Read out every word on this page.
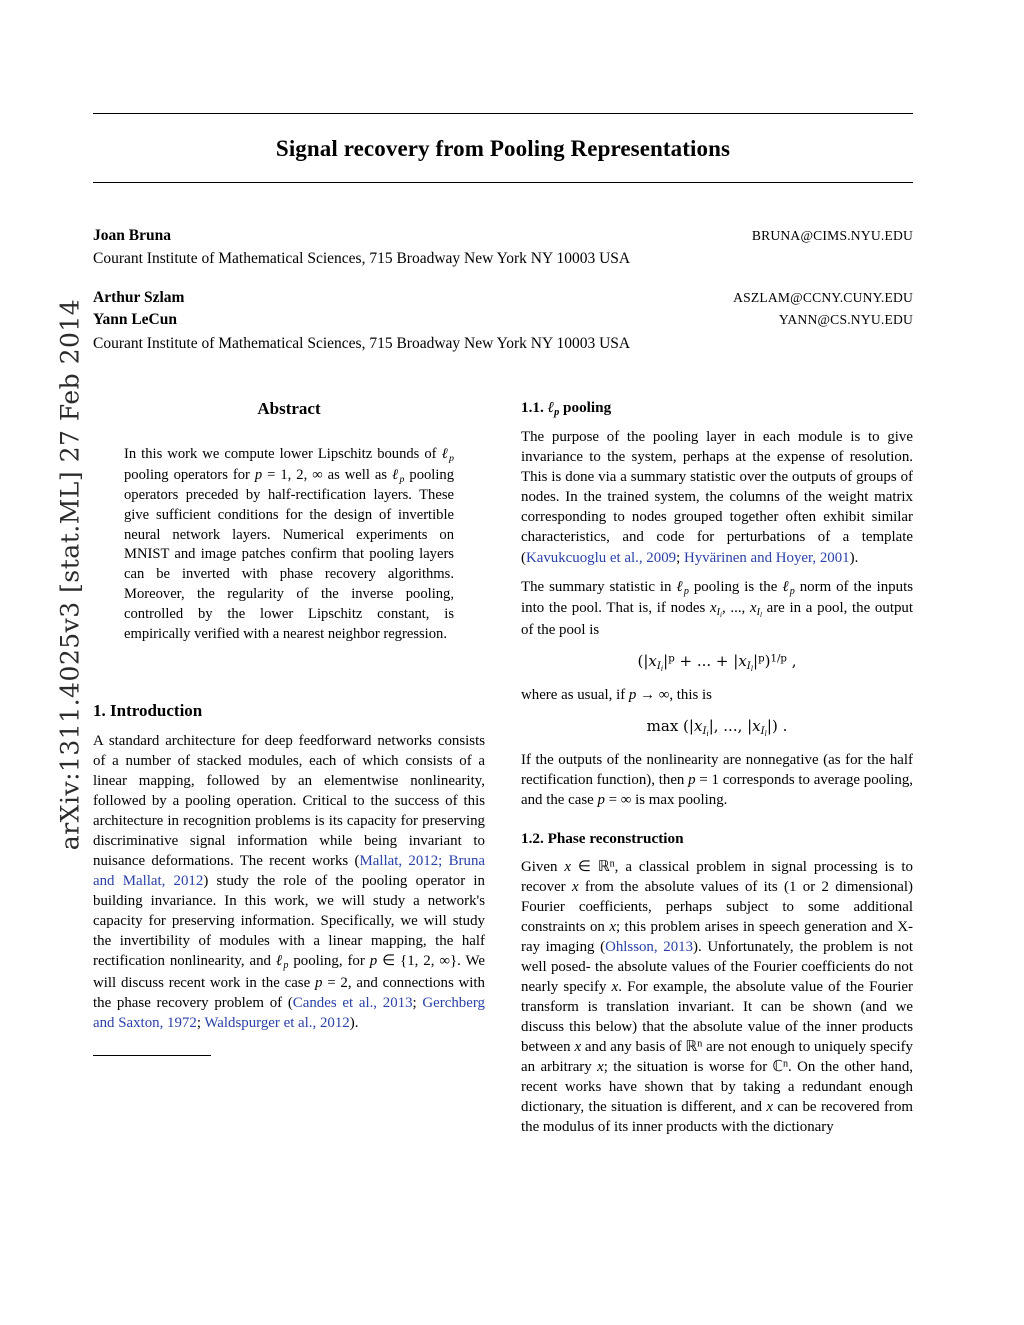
arXiv:1311.4025v3 [stat.ML] 27 Feb 2014
Signal recovery from Pooling Representations
Joan Bruna	BRUNA@CIMS.NYU.EDU
Courant Institute of Mathematical Sciences, 715 Broadway New York NY 10003 USA
Arthur Szlam	ASZLAM@CCNY.CUNY.EDU
Yann LeCun	YANN@CS.NYU.EDU
Courant Institute of Mathematical Sciences, 715 Broadway New York NY 10003 USA
Abstract
In this work we compute lower Lipschitz bounds of ℓ$_p$ pooling operators for p = 1, 2, ∞ as well as ℓ$_p$ pooling operators preceded by half-rectification layers. These give sufficient conditions for the design of invertible neural network layers. Numerical experiments on MNIST and image patches confirm that pooling layers can be inverted with phase recovery algorithms. Moreover, the regularity of the inverse pooling, controlled by the lower Lipschitz constant, is empirically verified with a nearest neighbor regression.
1. Introduction

A standard architecture for deep feedforward networks consists of a number of stacked modules, each of which consists of a linear mapping, followed by an elementwise nonlinearity, followed by a pooling operation. Critical to the success of this architecture in recognition problems is its capacity for preserving discriminative signal information while being invariant to nuisance deformations. The recent works (Mallat, 2012; Bruna and Mallat, 2012) study the role of the pooling operator in building invariance. In this work, we will study a network's capacity for preserving information. Specifically, we will study the invertibility of modules with a linear mapping, the half rectification nonlinearity, and ℓ$_p$ pooling, for p ∈ {1, 2, ∞}. We will discuss recent work in the case p = 2, and connections with the phase recovery problem of (Candes et al., 2013; Gerchberg and Saxton, 1972; Waldspurger et al., 2012).

1.1. ℓ$_p$ pooling

The purpose of the pooling layer in each module is to give invariance to the system, perhaps at the expense of resolution. This is done via a summary statistic over the outputs of groups of nodes. In the trained system, the columns of the weight matrix corresponding to nodes grouped together often exhibit similar characteristics, and code for perturbations of a template (Kavukcuoglu et al., 2009; Hyvärinen and Hoyer, 2001).

The summary statistic in ℓ$_p$ pooling is the ℓ$_p$ norm of the inputs into the pool. That is, if nodes $x_{I_i}$, ..., $x_{I_l}$ are in a pool, the output of the pool is

($|x_{I_i}|^p$ + ... + $|x_{I_l}|^p)^{1/p}$ ,

where as usual, if p → ∞, this is

$\max (|x_{I_i}|$, ..., $|x_{I_l}|$) .

If the outputs of the nonlinearity are nonnegative (as for the half rectification function), then p = 1 corresponds to average pooling, and the case p = ∞ is max pooling.

1.2. Phase reconstruction

Given x ∈ ℝ$^n$, a classical problem in signal processing is to recover x from the absolute values of its (1 or 2 dimensional) Fourier coefficients, perhaps subject to some additional constraints on x; this problem arises in speech generation and X-ray imaging (Ohlsson, 2013). Unfortunately, the problem is not well posed- the absolute values of the Fourier coefficients do not nearly specify x. For example, the absolute value of the Fourier transform is translation invariant. It can be shown (and we discuss this below) that the absolute value of the inner products between x and any basis of ℝ$^n$ are not enough to uniquely specify an arbitrary x; the situation is worse for ℂ$^n$. On the other hand, recent works have shown that by taking a redundant enough dictionary, the situation is different, and x can be recovered from the modulus of its inner products with the dictionary
